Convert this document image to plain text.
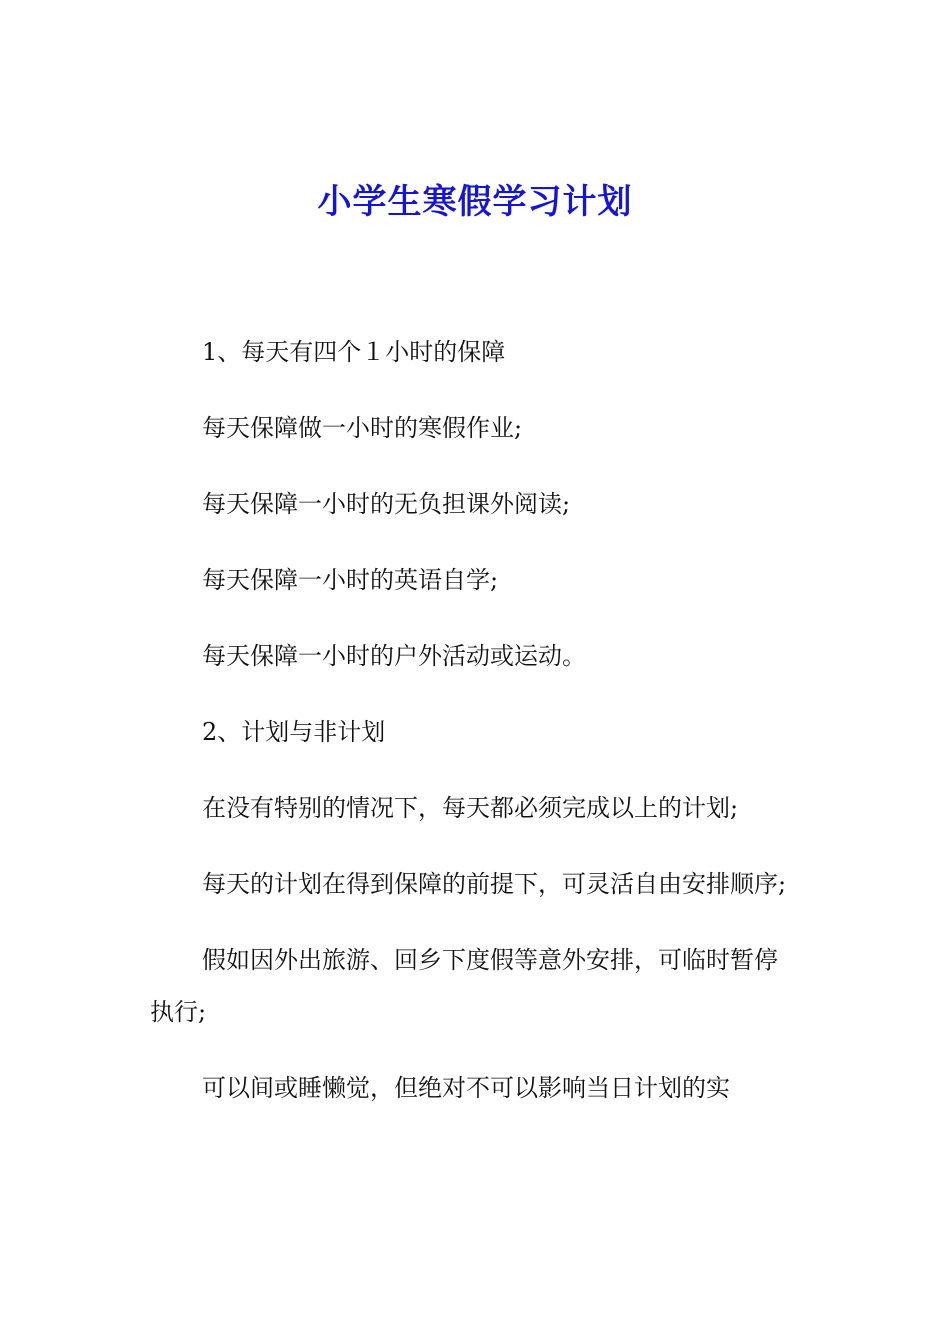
小学生寒假学习计划

1、每天有四个１小时的保障

每天保障做一小时的寒假作业;

每天保障一小时的无负担课外阅读;

每天保障一小时的英语自学;

每天保障一小时的户外活动或运动。

2、计划与非计划

在没有特别的情况下，每天都必须完成以上的计划;

每天的计划在得到保障的前提下，可灵活自由安排顺序;

假如因外出旅游、回乡下度假等意外安排，可临时暂停执行;

可以间或睡懒觉，但绝对不可以影响当日计划的实
